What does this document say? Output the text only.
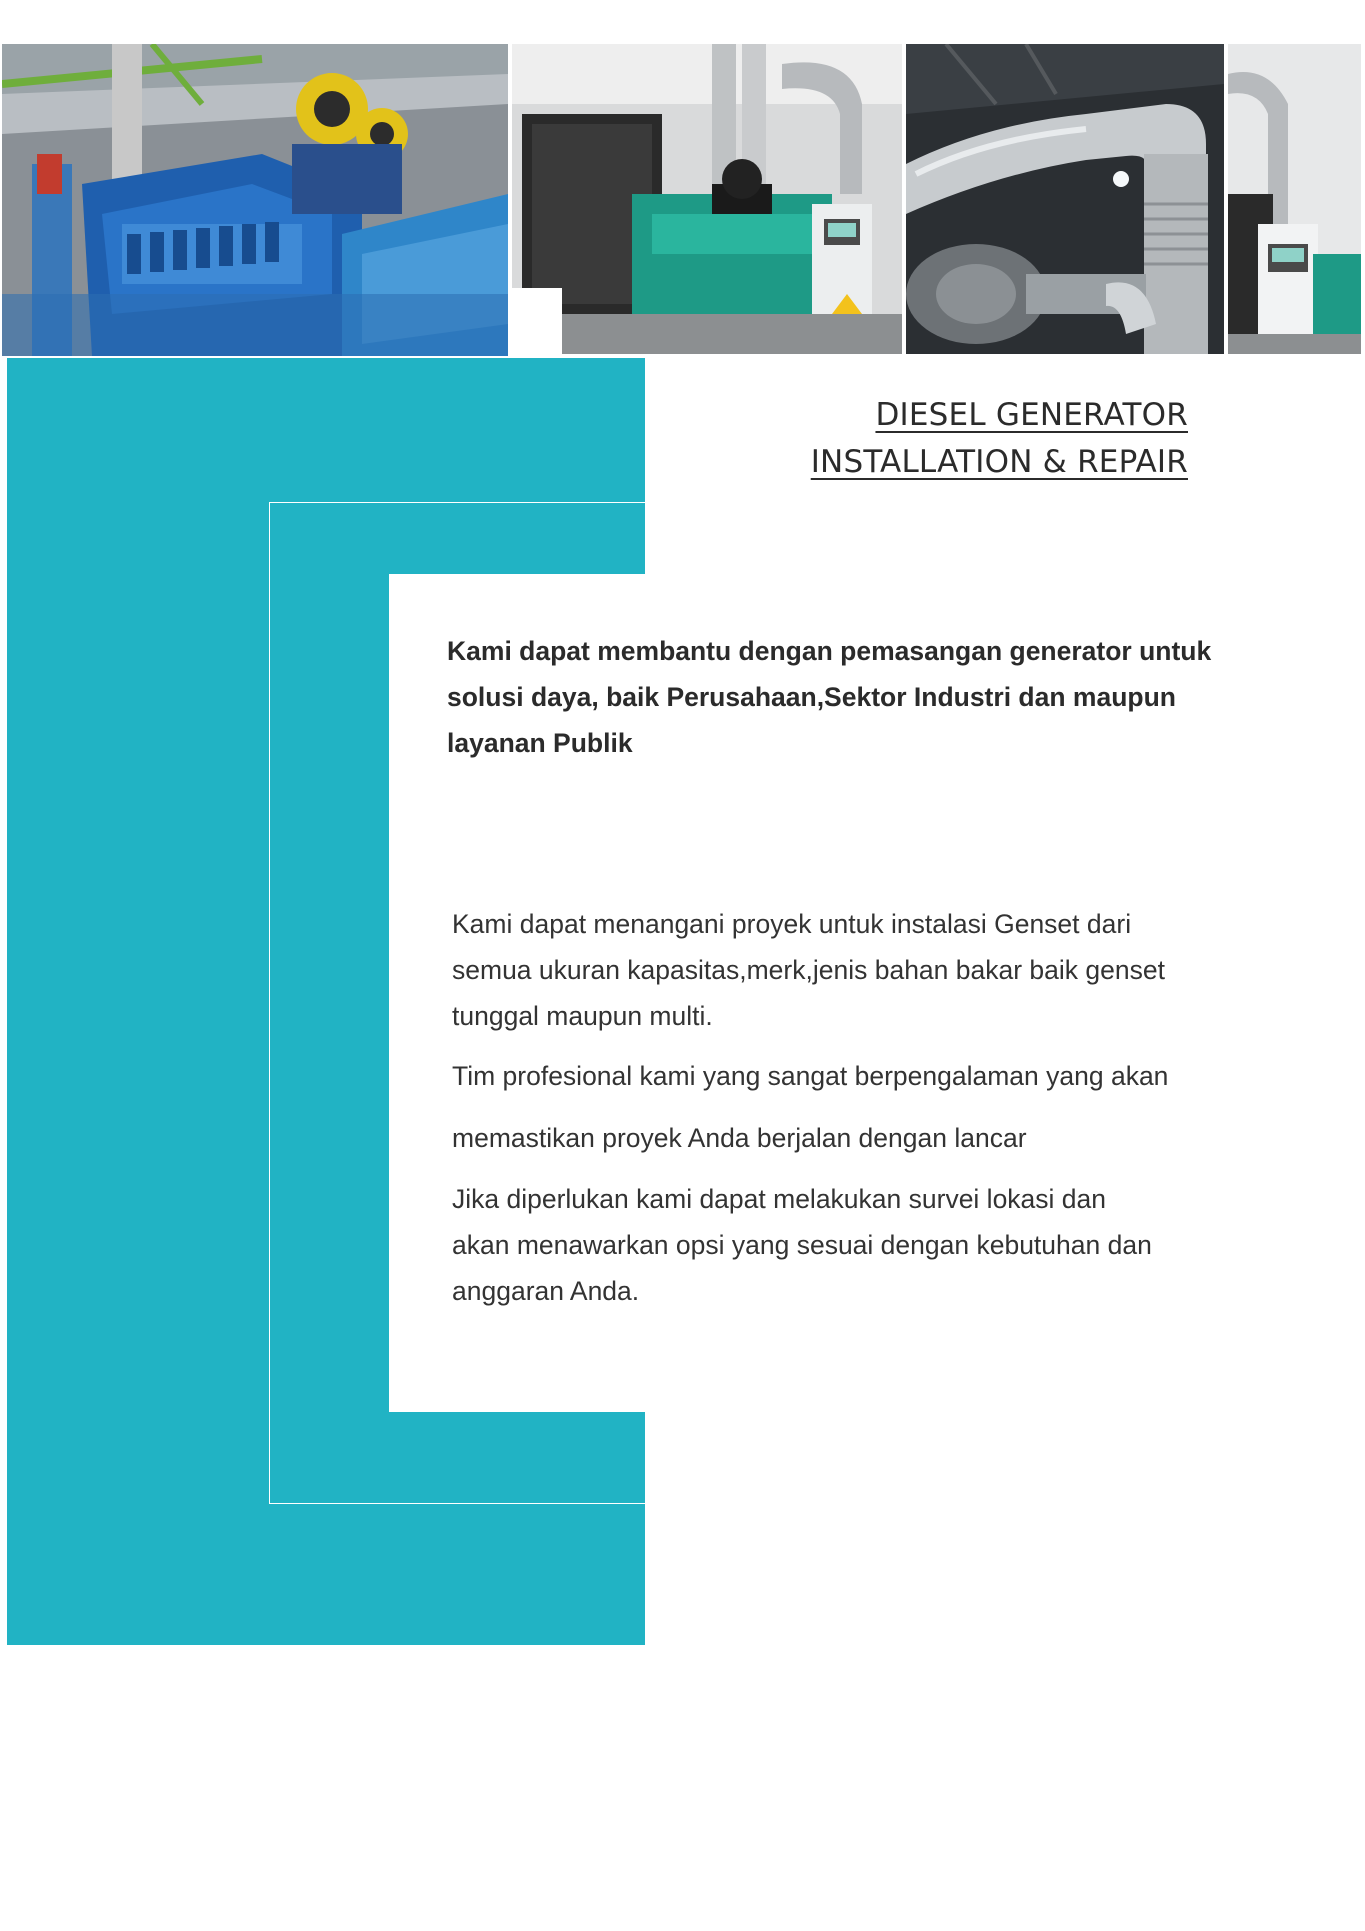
DIESEL GENERATOR
INSTALLATION & REPAIR

Kami dapat membantu dengan pemasangan generator untuk solusi daya, baik Perusahaan,Sektor Industri dan maupun layanan Publik

Kami dapat menangani proyek untuk instalasi Genset dari
semua ukuran kapasitas,merk,jenis bahan bakar baik genset
tunggal maupun multi.

Tim profesional kami yang sangat berpengalaman yang akan

memastikan proyek Anda berjalan dengan lancar

Jika diperlukan kami dapat melakukan survei lokasi dan
akan menawarkan opsi yang sesuai dengan kebutuhan dan
anggaran Anda.
